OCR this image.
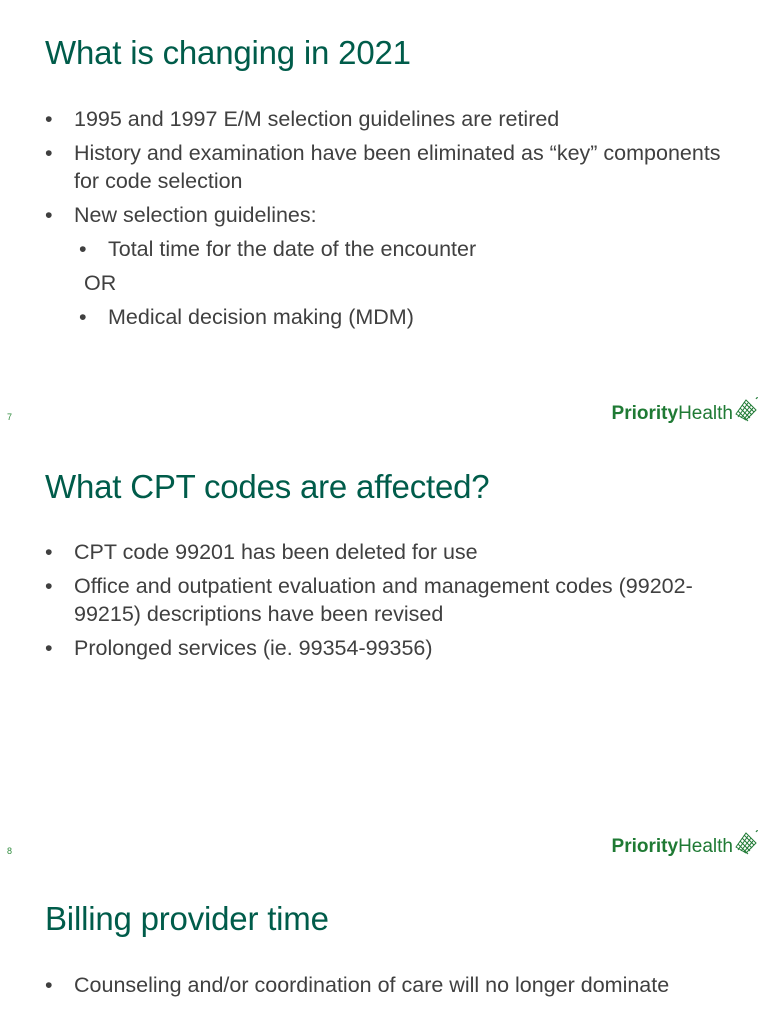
What is changing in 2021
• 1995 and 1997 E/M selection guidelines are retired
• History and examination have been eliminated as “key” components for code selection
• New selection guidelines:
• Total time for the date of the encounter
OR
• Medical decision making (MDM)
7	Priority Health
What CPT codes are affected?
• CPT code 99201 has been deleted for use
• Office and outpatient evaluation and management codes (99202-99215) descriptions have been revised
• Prolonged services (ie. 99354-99356)
8	Priority Health
Billing provider time
• Counseling and/or coordination of care will no longer dominate
